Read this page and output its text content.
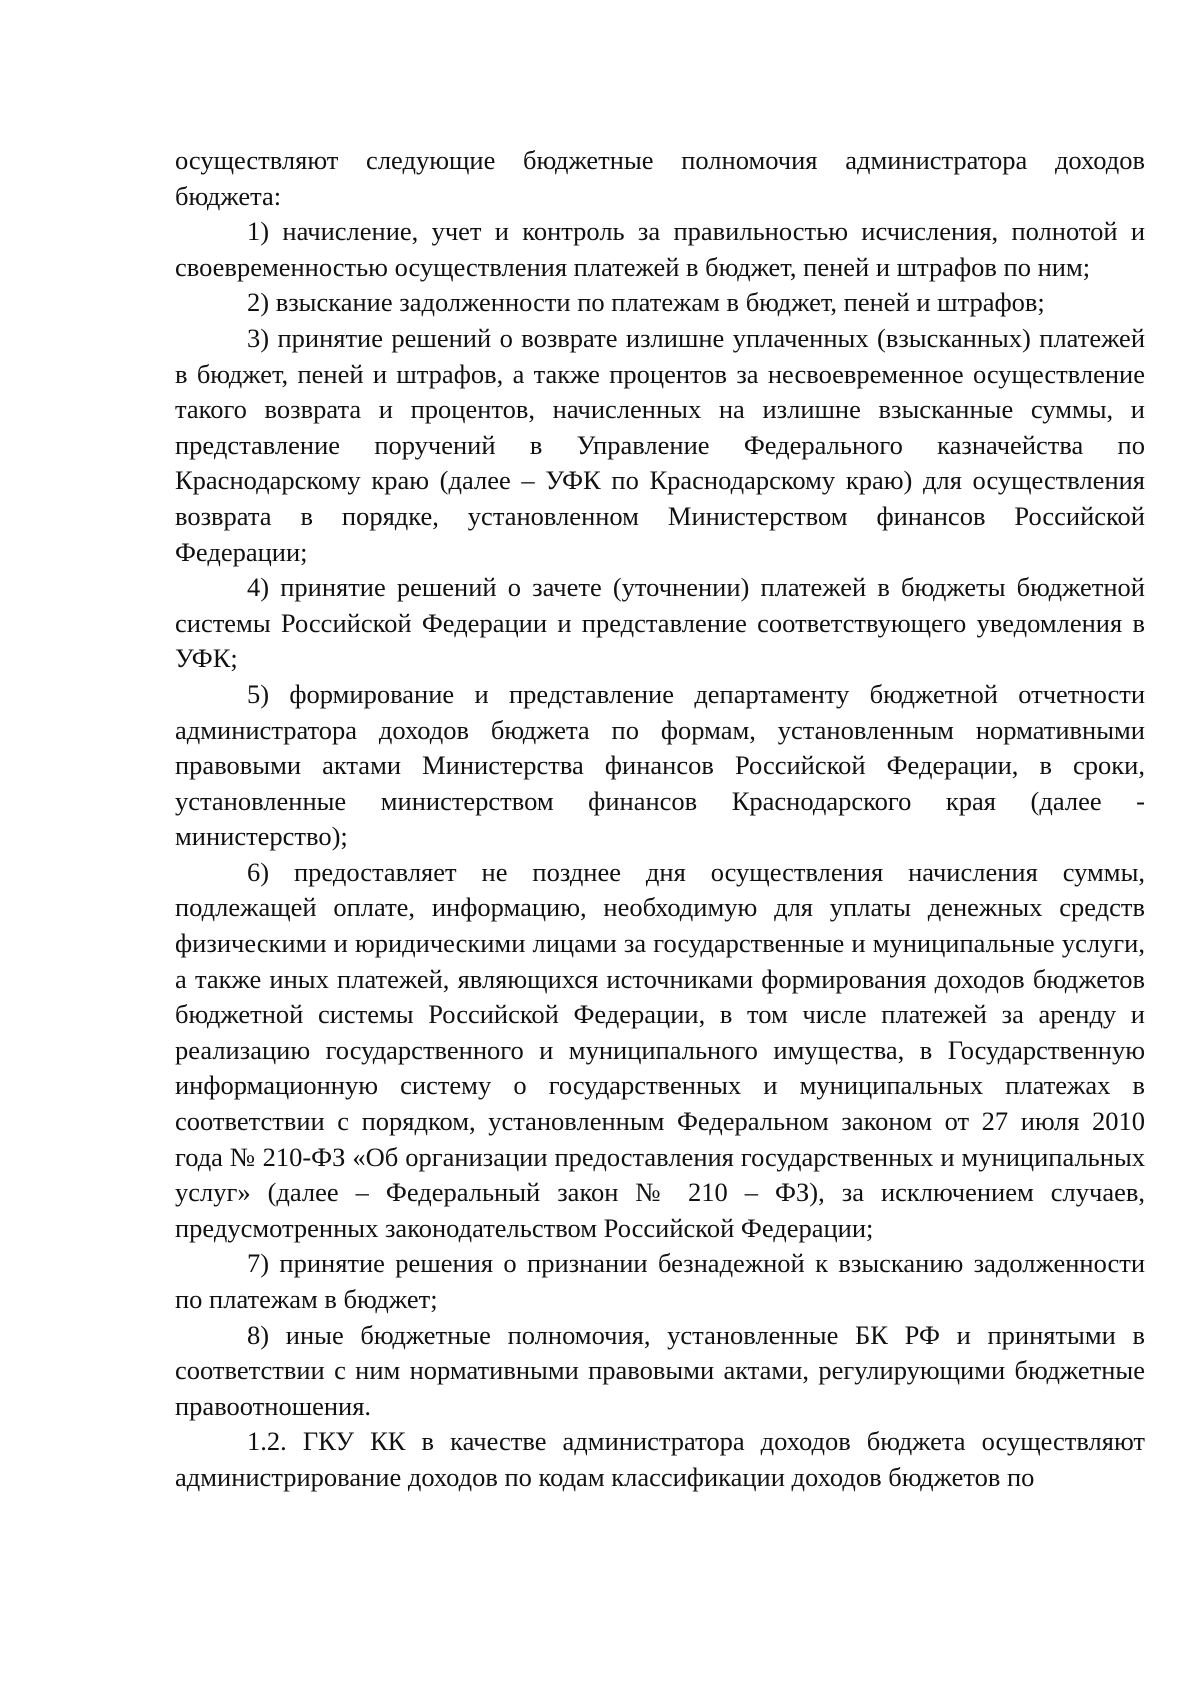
осуществляют следующие бюджетные полномочия администратора доходов бюджета:

1) начисление, учет и контроль за правильностью исчисления, полнотой и своевременностью осуществления платежей в бюджет, пеней и штрафов по ним;

2) взыскание задолженности по платежам в бюджет, пеней и штрафов;

3) принятие решений о возврате излишне уплаченных (взысканных) платежей в бюджет, пеней и штрафов, а также процентов за несвоевременное осуществление такого возврата и процентов, начисленных на излишне взысканные суммы, и представление поручений в Управление Федерального казначейства по Краснодарскому краю (далее – УФК по Краснодарскому краю) для осуществления возврата в порядке, установленном Министерством финансов Российской Федерации;

4) принятие решений о зачете (уточнении) платежей в бюджеты бюджетной системы Российской Федерации и представление соответствующего уведомления в УФК;

5) формирование и представление департаменту бюджетной отчетности администратора доходов бюджета по формам, установленным нормативными правовыми актами Министерства финансов Российской Федерации, в сроки, установленные министерством финансов Краснодарского края (далее - министерство);

6) предоставляет не позднее дня осуществления начисления суммы, подлежащей оплате, информацию, необходимую для уплаты денежных средств физическими и юридическими лицами за государственные и муниципальные услуги, а также иных платежей, являющихся источниками формирования доходов бюджетов бюджетной системы Российской Федерации, в том числе платежей за аренду и реализацию государственного и муниципального имущества, в Государственную информационную систему о государственных и муниципальных платежах в соответствии с порядком, установленным Федеральном законом от 27 июля 2010 года № 210-ФЗ «Об организации предоставления государственных и муниципальных услуг» (далее – Федеральный закон № 210 – ФЗ), за исключением случаев, предусмотренных законодательством Российской Федерации;

7) принятие решения о признании безнадежной к взысканию задолженности по платежам в бюджет;

8) иные бюджетные полномочия, установленные БК РФ и принятыми в соответствии с ним нормативными правовыми актами, регулирующими бюджетные правоотношения.

1.2. ГКУ КК в качестве администратора доходов бюджета осуществляют администрирование доходов по кодам классификации доходов бюджетов по
